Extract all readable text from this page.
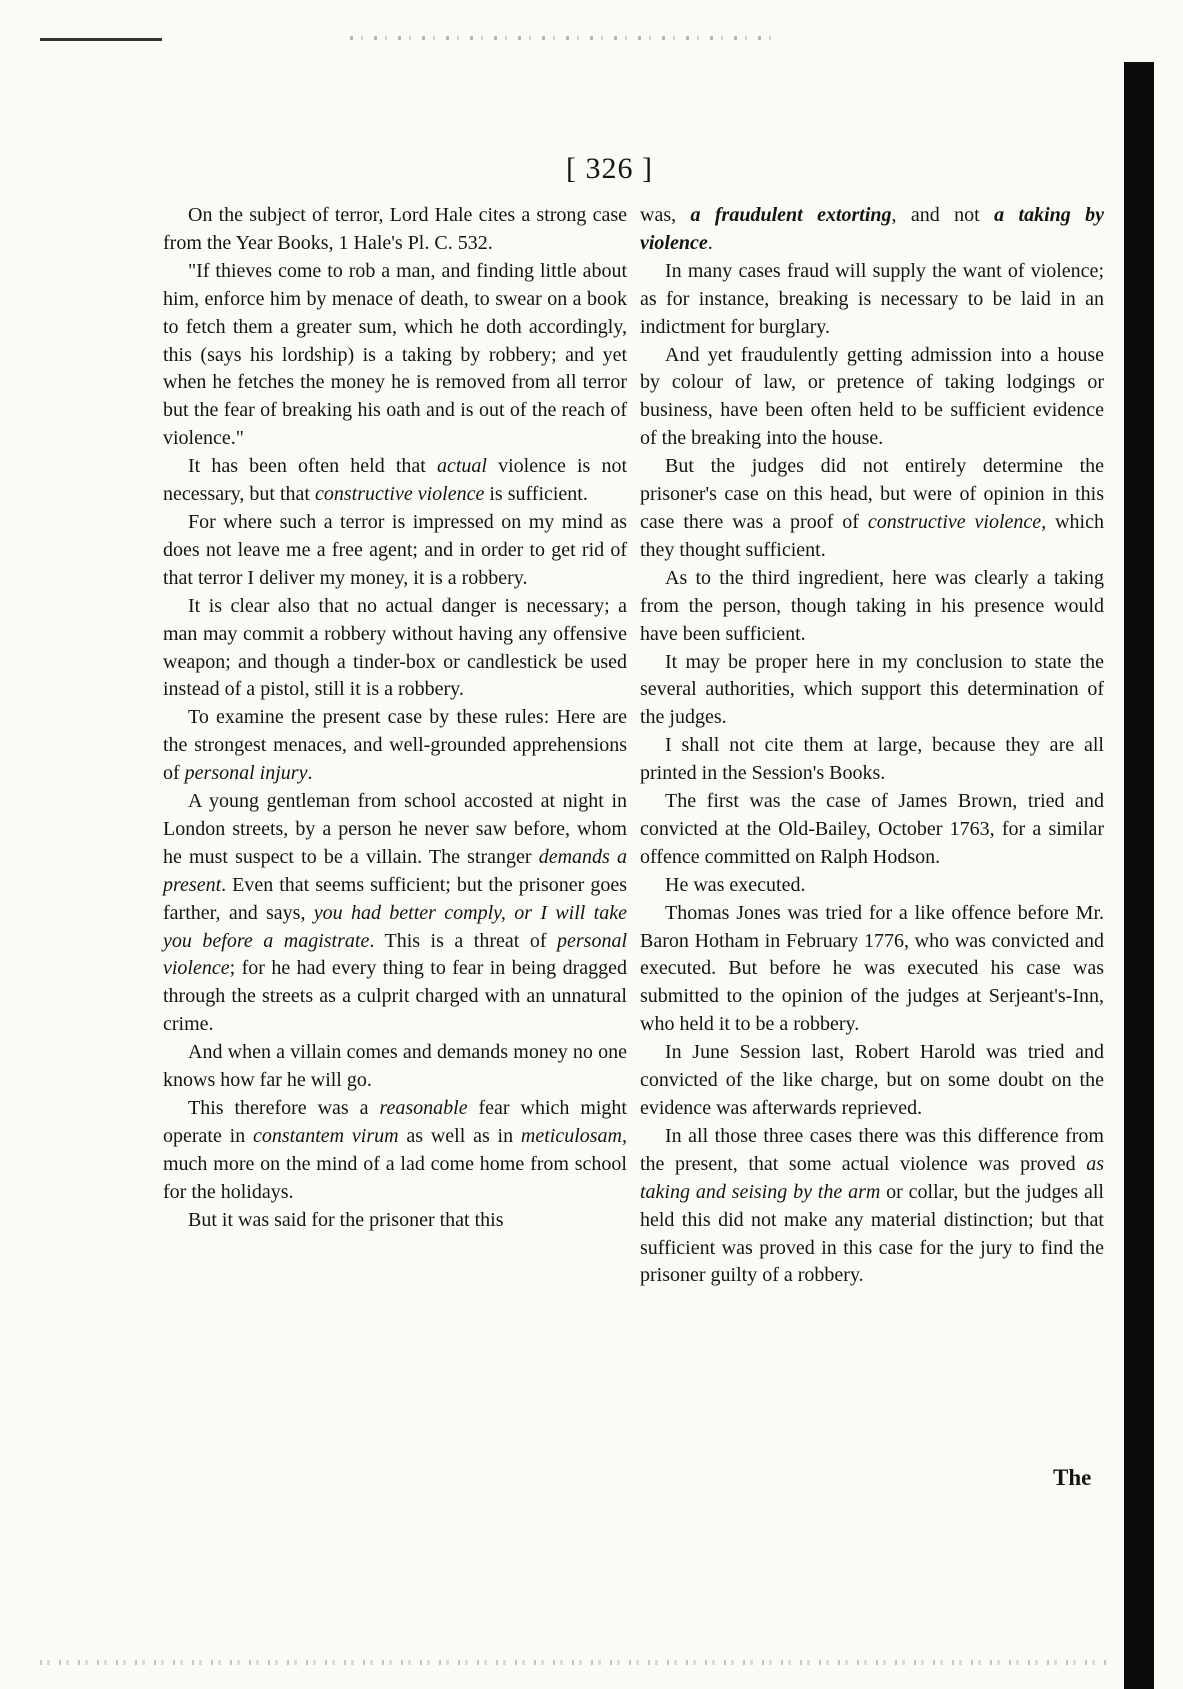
[ 326 ]

On the subject of terror, Lord Hale cites a strong case from the Year Books, 1 Hale's Pl. C. 532.

"If thieves come to rob a man, and finding little about him, enforce him by menace of death, to swear on a book to fetch them a greater sum, which he doth accordingly, this (says his lordship) is a taking by robbery; and yet when he fetches the money he is removed from all terror but the fear of breaking his oath and is out of the reach of violence."

It has been often held that actual violence is not necessary, but that constructive violence is sufficient.

For where such a terror is impressed on my mind as does not leave me a free agent; and in order to get rid of that terror I deliver my money, it is a robbery.

It is clear also that no actual danger is necessary; a man may commit a robbery without having any offensive weapon; and though a tinder-box or candlestick be used instead of a pistol, still it is a robbery.

To examine the present case by these rules: Here are the strongest menaces, and well-grounded apprehensions of personal injury.

A young gentleman from school accosted at night in London streets, by a person he never saw before, whom he must suspect to be a villain. The stranger demands a present. Even that seems sufficient; but the prisoner goes farther, and says, you had better comply, or I will take you before a magistrate. This is a threat of personal violence; for he had every thing to fear in being dragged through the streets as a culprit charged with an unnatural crime.

And when a villain comes and demands money no one knows how far he will go.

This therefore was a reasonable fear which might operate in constantem virum as well as in meticulosam, much more on the mind of a lad come home from school for the holidays.

But it was said for the prisoner that this

was, a fraudulent extorting, and not a taking by violence.

In many cases fraud will supply the want of violence; as for instance, breaking is necessary to be laid in an indictment for burglary.

And yet fraudulently getting admission into a house by colour of law, or pretence of taking lodgings or business, have been often held to be sufficient evidence of the breaking into the house.

But the judges did not entirely determine the prisoner's case on this head, but were of opinion in this case there was a proof of constructive violence, which they thought sufficient.

As to the third ingredient, here was clearly a taking from the person, though taking in his presence would have been sufficient.

It may be proper here in my conclusion to state the several authorities, which support this determination of the judges.

I shall not cite them at large, because they are all printed in the Session's Books.

The first was the case of James Brown, tried and convicted at the Old-Bailey, October 1763, for a similar offence committed on Ralph Hodson.

He was executed.

Thomas Jones was tried for a like offence before Mr. Baron Hotham in February 1776, who was convicted and executed. But before he was executed his case was submitted to the opinion of the judges at Serjeant's-Inn, who held it to be a robbery.

In June Session last, Robert Harold was tried and convicted of the like charge, but on some doubt on the evidence was afterwards reprieved.

In all those three cases there was this difference from the present, that some actual violence was proved as taking and seising by the arm or collar, but the judges all held this did not make any material distinction; but that sufficient was proved in this case for the jury to find the prisoner guilty of a robbery.

The
